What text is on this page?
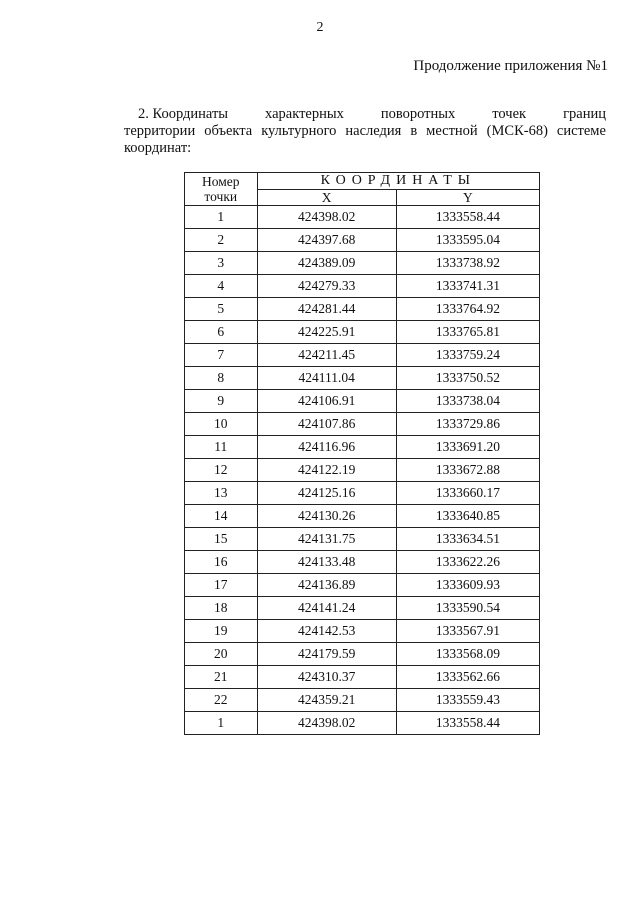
2
Продолжение приложения №1
2. Координаты	характерных	поворотных	точек	границ
территории объекта культурного наследия в местной (МСК-68) системе
координат:
Номер
точки	КООРДИНАТЫ	
	X	Y
1	424398.02	1333558.44
2	424397.68	1333595.04
3	424389.09	1333738.92
4	424279.33	1333741.31
5	424281.44	1333764.92
6	424225.91	1333765.81
7	424211.45	1333759.24
8	424111.04	1333750.52
9	424106.91	1333738.04
10	424107.86	1333729.86
11	424116.96	1333691.20
12	424122.19	1333672.88
13	424125.16	1333660.17
14	424130.26	1333640.85
15	424131.75	1333634.51
16	424133.48	1333622.26
17	424136.89	1333609.93
18	424141.24	1333590.54
19	424142.53	1333567.91
20	424179.59	1333568.09
21	424310.37	1333562.66
22	424359.21	1333559.43
1	424398.02	1333558.44
